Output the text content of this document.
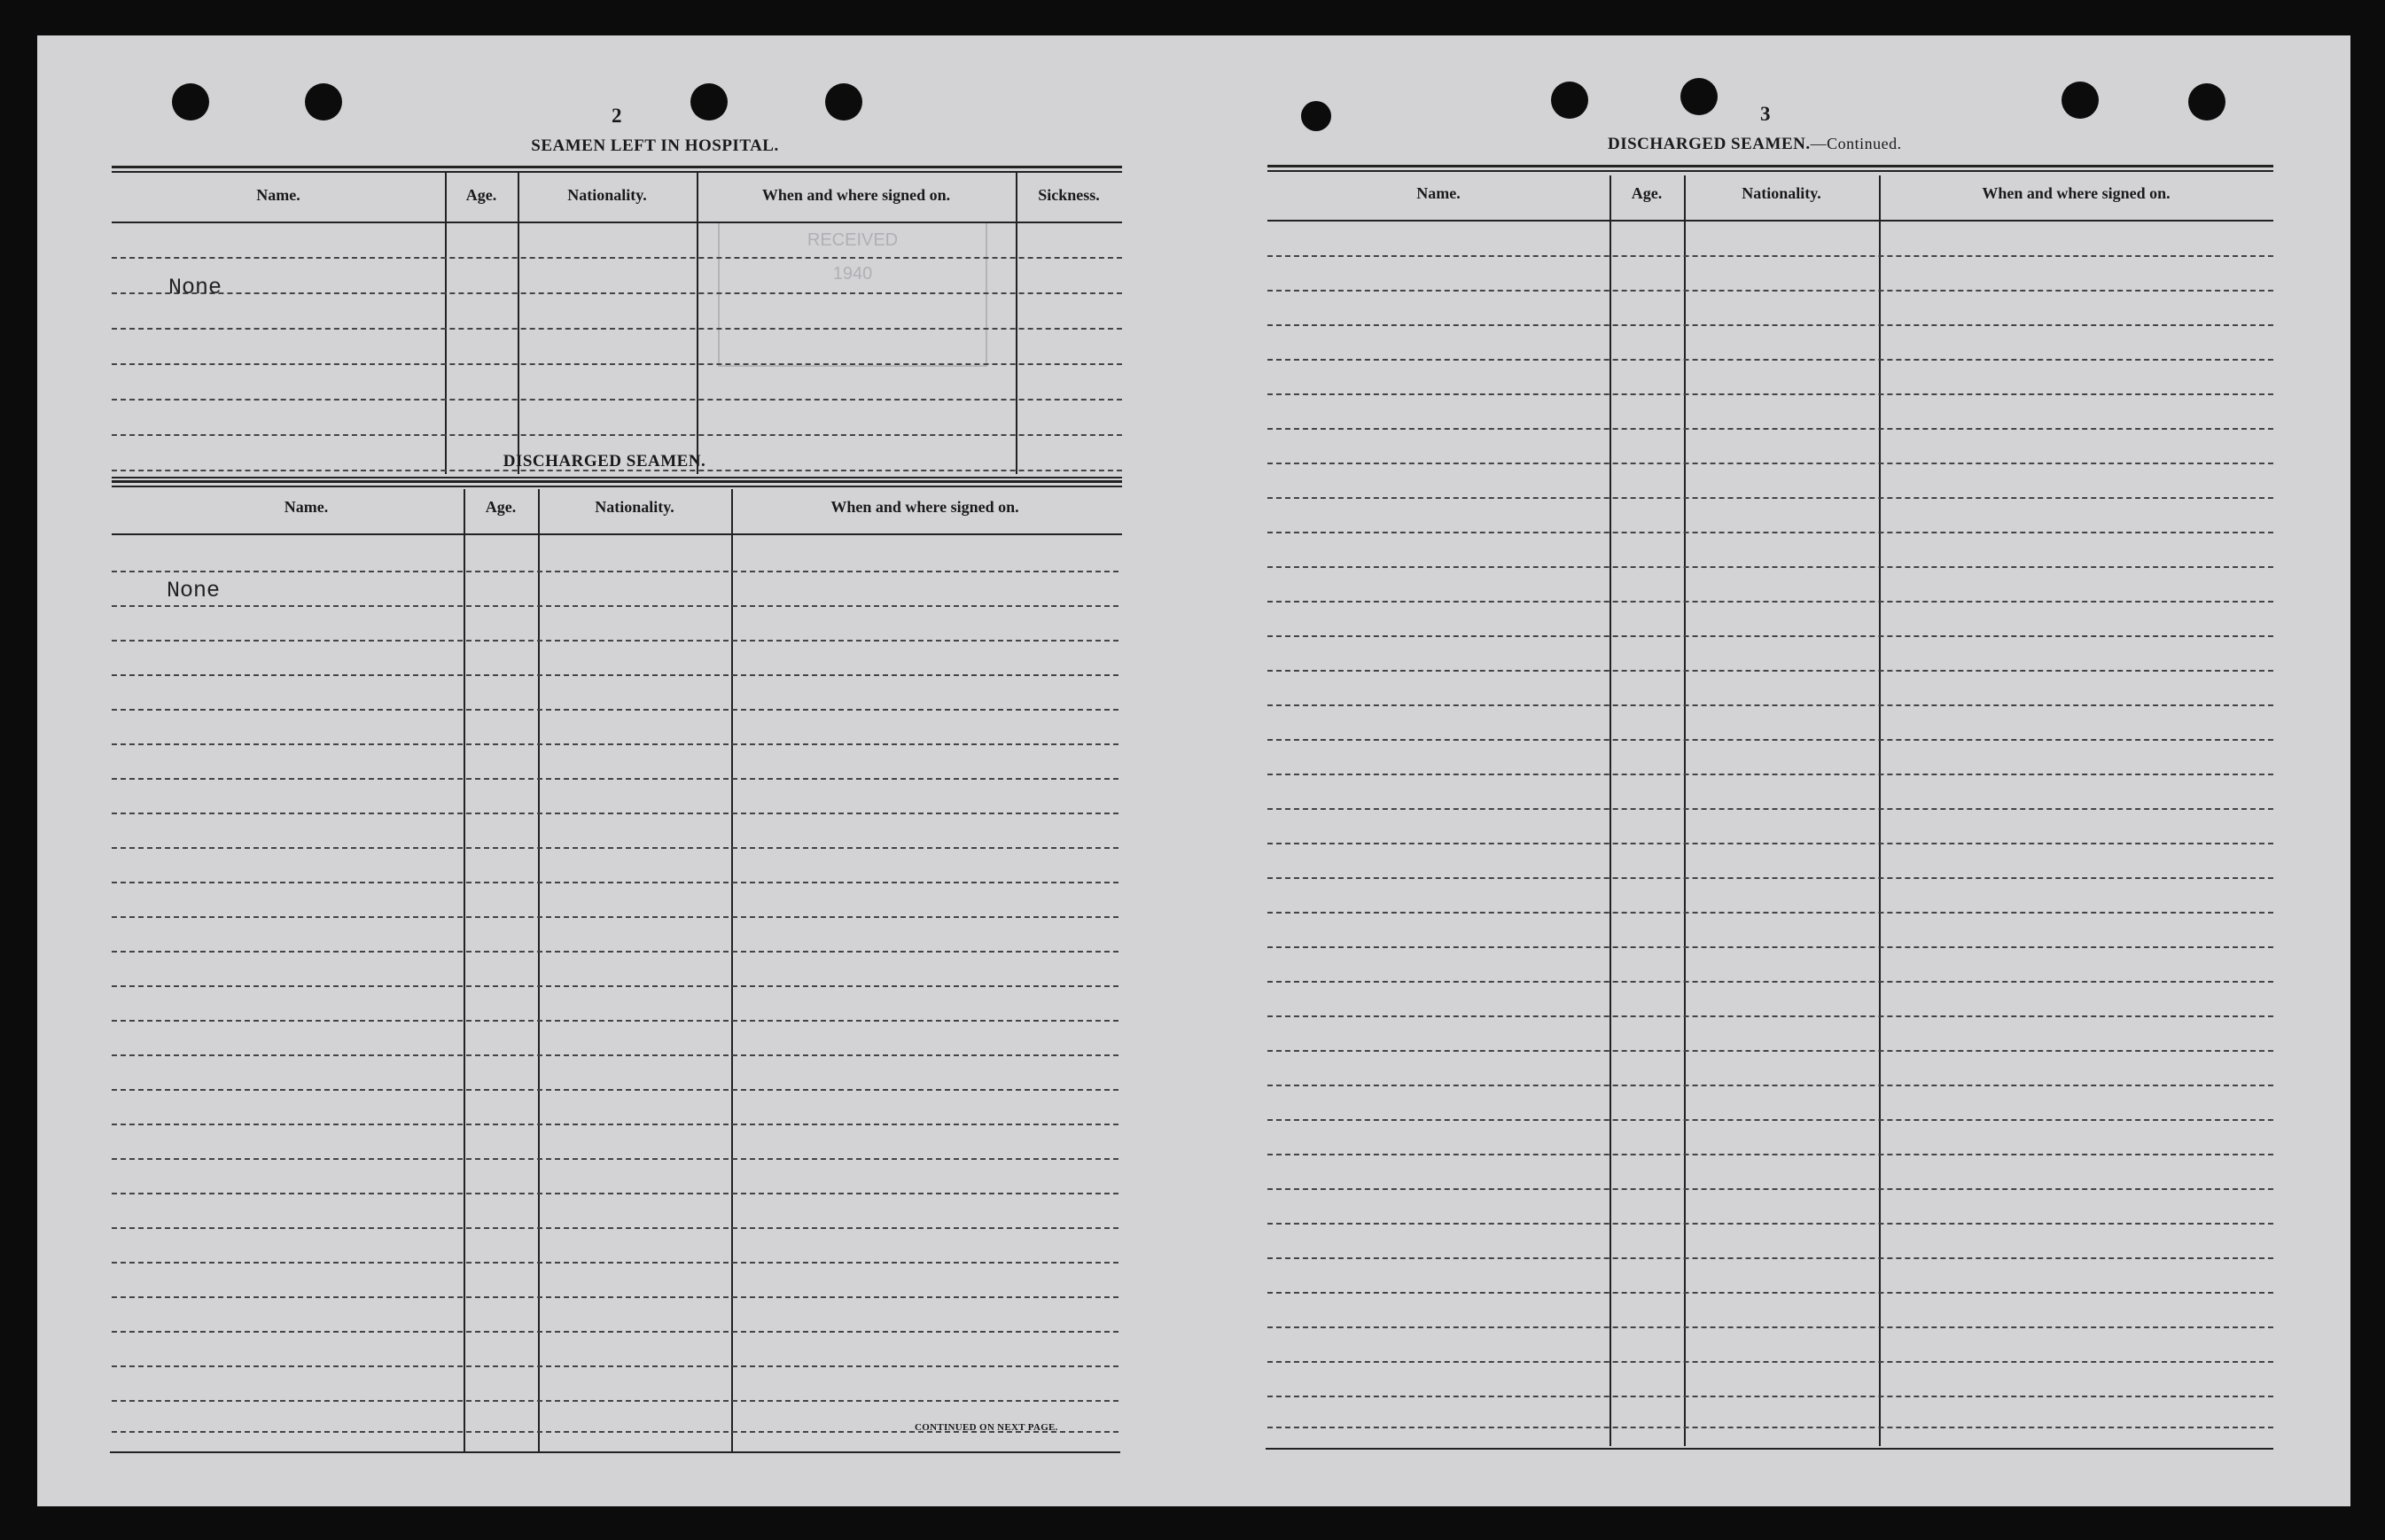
RECEIVED
1940
2
SEAMEN LEFT IN HOSPITAL.
Name.	Age.	Nationality.	When and where signed on.	Sickness.
None
DISCHARGED SEAMEN.
Name.	Age.	Nationality.	When and where signed on.
None
CONTINUED ON NEXT PAGE.
3
DISCHARGED SEAMEN.—Continued.
Name.	Age.	Nationality.	When and where signed on.
